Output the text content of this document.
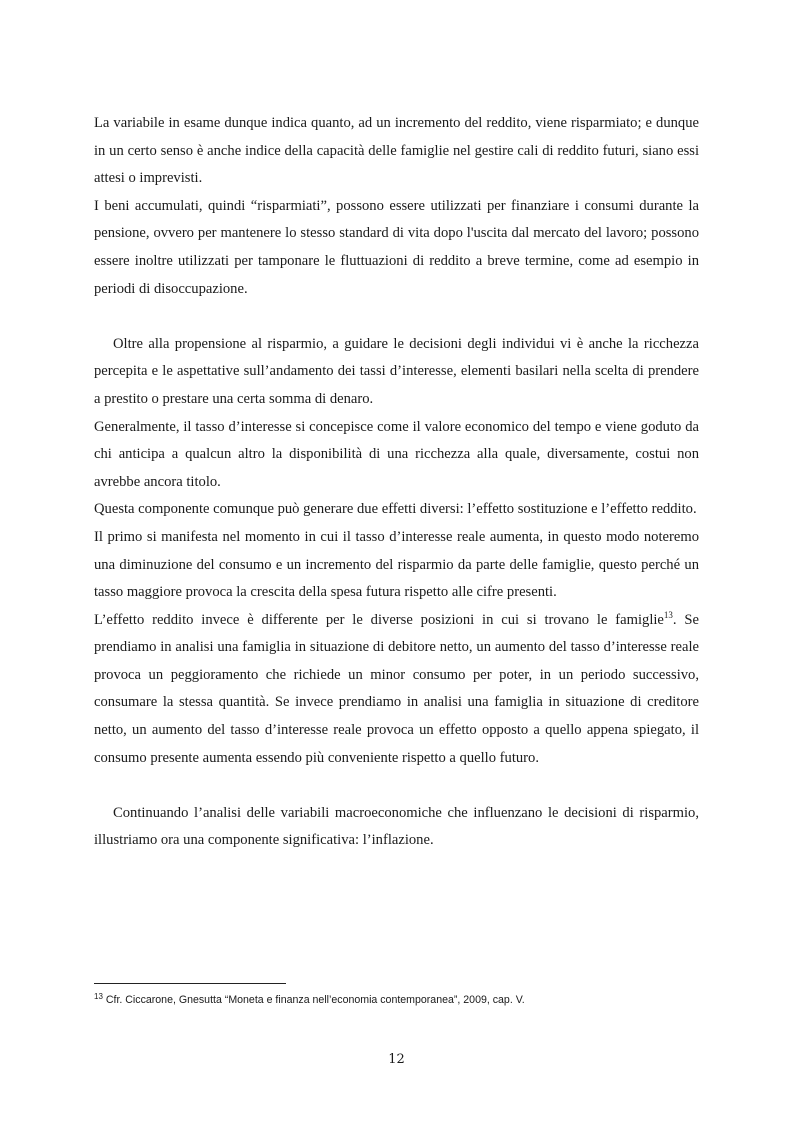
La variabile in esame dunque indica quanto, ad un incremento del reddito, viene risparmiato; e dunque in un certo senso è anche indice della capacità delle famiglie nel gestire cali di reddito futuri, siano essi attesi o imprevisti.

I beni accumulati, quindi “risparmiati”, possono essere utilizzati per finanziare i consumi durante la pensione, ovvero per mantenere lo stesso standard di vita dopo l'uscita dal mercato del lavoro; possono essere inoltre utilizzati per tamponare le fluttuazioni di reddito a breve termine, come ad esempio in periodi di disoccupazione.

Oltre alla propensione al risparmio, a guidare le decisioni degli individui vi è anche la ricchezza percepita e le aspettative sull’andamento dei tassi d’interesse, elementi basilari nella scelta di prendere a prestito o prestare una certa somma di denaro.

Generalmente, il tasso d’interesse si concepisce come il valore economico del tempo e viene goduto da chi anticipa a qualcun altro la disponibilità di una ricchezza alla quale, diversamente, costui non avrebbe ancora titolo.

Questa componente comunque può generare due effetti diversi: l’effetto sostituzione e l’effetto reddito.

Il primo si manifesta nel momento in cui il tasso d’interesse reale aumenta, in questo modo noteremo una diminuzione del consumo e un incremento del risparmio da parte delle famiglie, questo perché un tasso maggiore provoca la crescita della spesa futura rispetto alle cifre presenti.

L’effetto reddito invece è differente per le diverse posizioni in cui si trovano le famiglie$^{13}$. Se prendiamo in analisi una famiglia in situazione di debitore netto, un aumento del tasso d’interesse reale provoca un peggioramento che richiede un minor consumo per poter, in un periodo successivo, consumare la stessa quantità. Se invece prendiamo in analisi una famiglia in situazione di creditore netto, un aumento del tasso d’interesse reale provoca un effetto opposto a quello appena spiegato, il consumo presente aumenta essendo più conveniente rispetto a quello futuro.

Continuando l’analisi delle variabili macroeconomiche che influenzano le decisioni di risparmio, illustriamo ora una componente significativa: l’inflazione.

$^{13}$ Cfr. Ciccarone, Gnesutta “Moneta e finanza nell’economia contemporanea”, 2009, cap. V.

12
